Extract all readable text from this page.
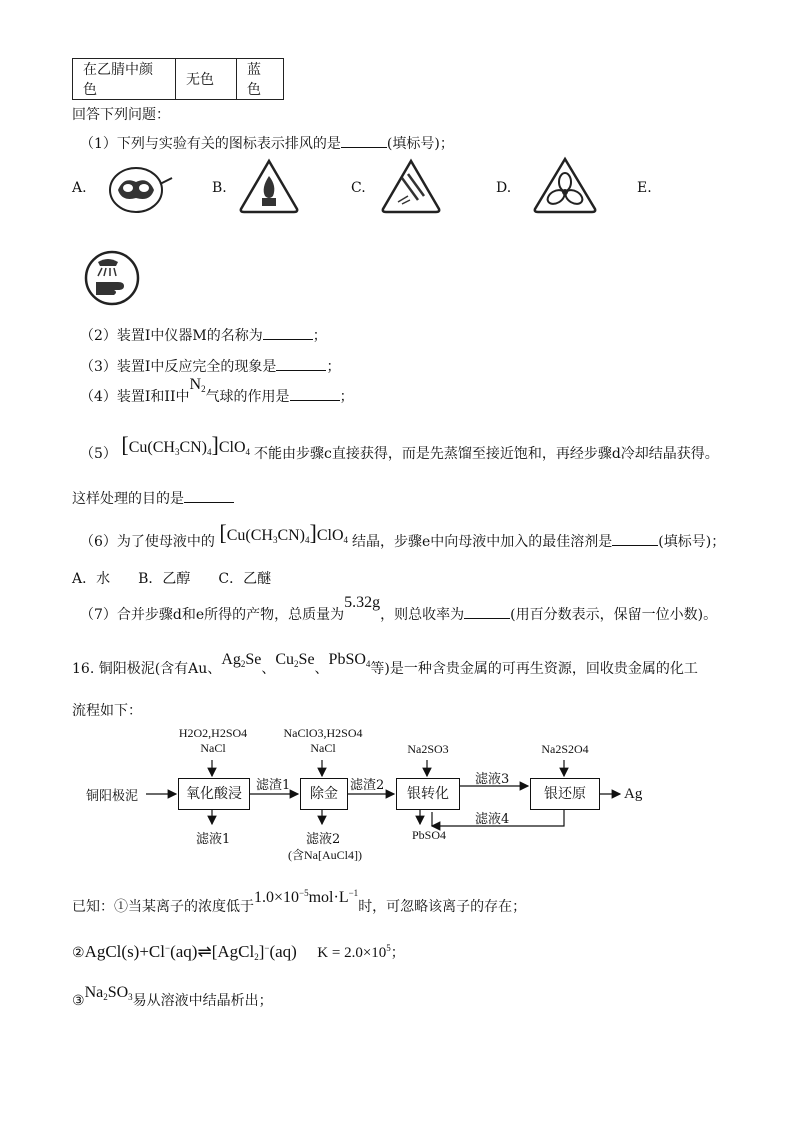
在乙腈中颜色	无色	蓝色
回答下列问题：
（1）下列与实验有关的图标表示排风的是	(填标号)；
A.	B.	C.	D.	E.
（2）装置I中仪器M的名称为	；
（3）装置I中反应完全的现象是	；
（4）装置I和II中$N_2$气球的作用是	；
（5） $[Cu(CH_3CN)_4]ClO_4$ 不能由步骤c直接获得，而是先蒸馏至接近饱和，再经步骤d冷却结晶获得。
这样处理的目的是
（6）为了使母液中的 $[Cu(CH_3CN)_4]ClO_4$ 结晶，步骤e中向母液中加入的最佳溶剂是	(填标号)；
A．水　　B．乙醇　　C．乙醚
（7）合并步骤d和e所得的产物，总质量为5.32g，则总收率为	(用百分数表示，保留一位小数)。
16. 铜阳极泥(含有Au、$Ag_2Se$、$Cu_2Se$、PbSO$_4$等)是一种含贵金属的可再生资源，回收贵金属的化工
流程如下：
铜阳极泥	氧化酸浸	除金	银转化	银还原	Ag
H2O2,H2SO4
NaCl
NaClO3,H2SO4
NaCl	Na2SO3	Na2S2O4
滤渣1	滤渣2	滤液3
滤液4
滤液1	滤液2
(含Na[AuCl4])
PbSO4
已知：①当某离子的浓度低于$1.0\times 10^{-5}mol\cdot L^{-1}$时，可忽略该离子的存在；
②AgCl(s)+Cl−(aq)⇌[AgCl$_2$]−(aq) $K = 2.0\times 10^5$；
$③Na_2SO_3$易从溶液中结晶析出；
